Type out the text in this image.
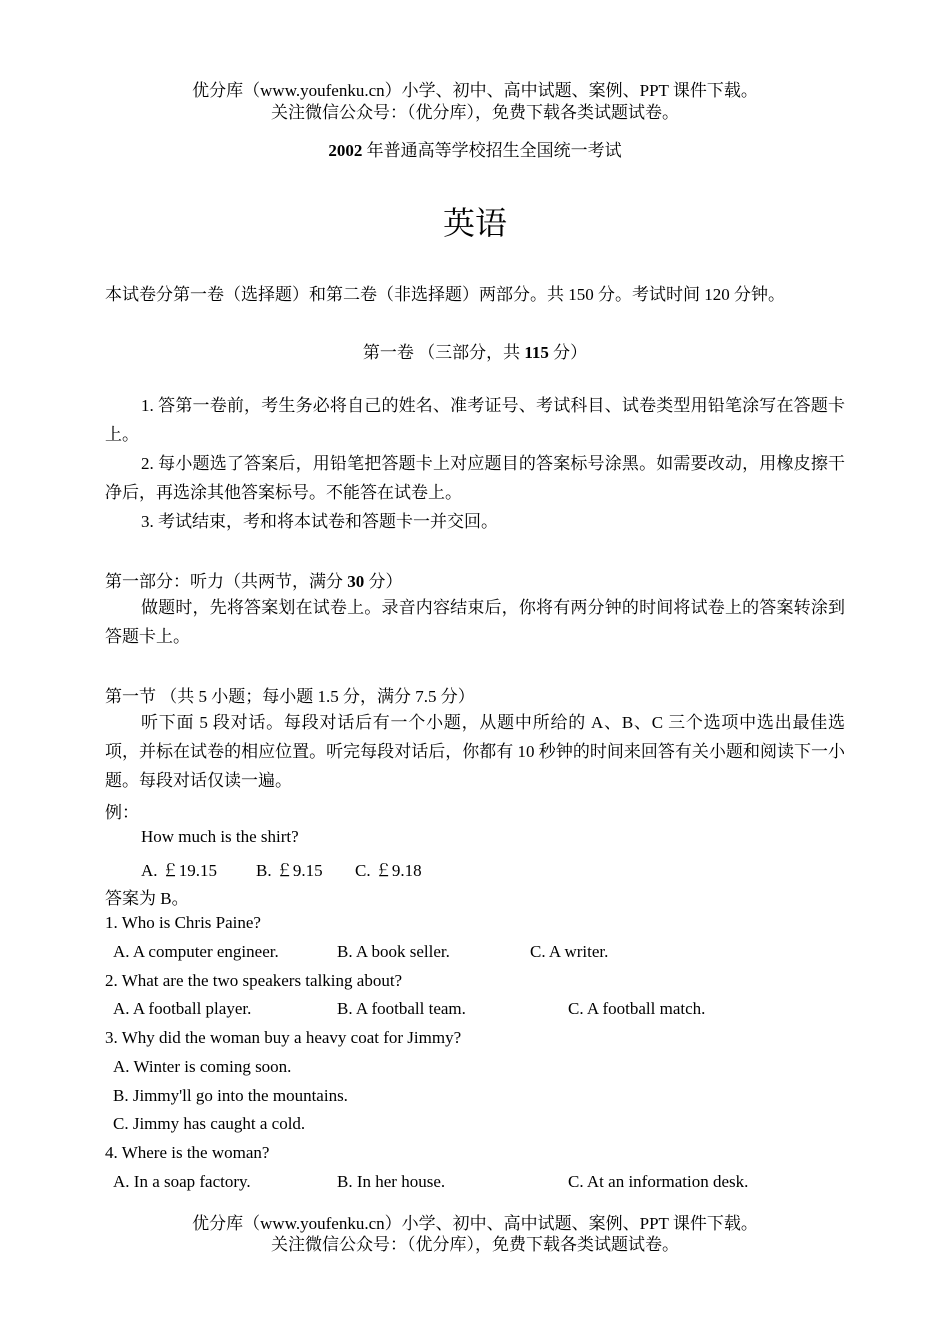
优分库（www.youfenku.cn）小学、初中、高中试题、案例、PPT 课件下载。
关注微信公众号：（优分库），免费下载各类试题试卷。
2002 年普通高等学校招生全国统一考试
英语
本试卷分第一卷（选择题）和第二卷（非选择题）两部分。共 150 分。考试时间 120 分钟。
第一卷 （三部分，共 115 分）
1. 答第一卷前，考生务必将自己的姓名、准考证号、考试科目、试卷类型用铅笔涂写在答题卡上。
2. 每小题选了答案后，用铅笔把答题卡上对应题目的答案标号涂黑。如需要改动，用橡皮擦干净后，再选涂其他答案标号。不能答在试卷上。
3. 考试结束，考和将本试卷和答题卡一并交回。
第一部分：听力（共两节，满分 30 分）
做题时，先将答案划在试卷上。录音内容结束后，你将有两分钟的时间将试卷上的答案转涂到答题卡上。
第一节 （共 5 小题；每小题 1.5 分，满分 7.5 分）
听下面 5 段对话。每段对话后有一个小题，从题中所给的 A、B、C 三个选项中选出最佳选项，并标在试卷的相应位置。听完每段对话后，你都有 10 秒钟的时间来回答有关小题和阅读下一小题。每段对话仅读一遍。
例：
How much is the shirt?
A. ￡19.15 B. ￡9.15 C. ￡9.18
答案为 B。
1. Who is Chris Paine?
A. A computer engineer.	B. A book seller.	C. A writer.
2. What are the two speakers talking about?
A. A football player.	B. A football team.	C. A football match.
3. Why did the woman buy a heavy coat for Jimmy?
A. Winter is coming soon.
B. Jimmy'll go into the mountains.
C. Jimmy has caught a cold.
4. Where is the woman?
A. In a soap factory.	B. In her house.	C. At an information desk.
优分库（www.youfenku.cn）小学、初中、高中试题、案例、PPT 课件下载。
关注微信公众号：（优分库），免费下载各类试题试卷。
